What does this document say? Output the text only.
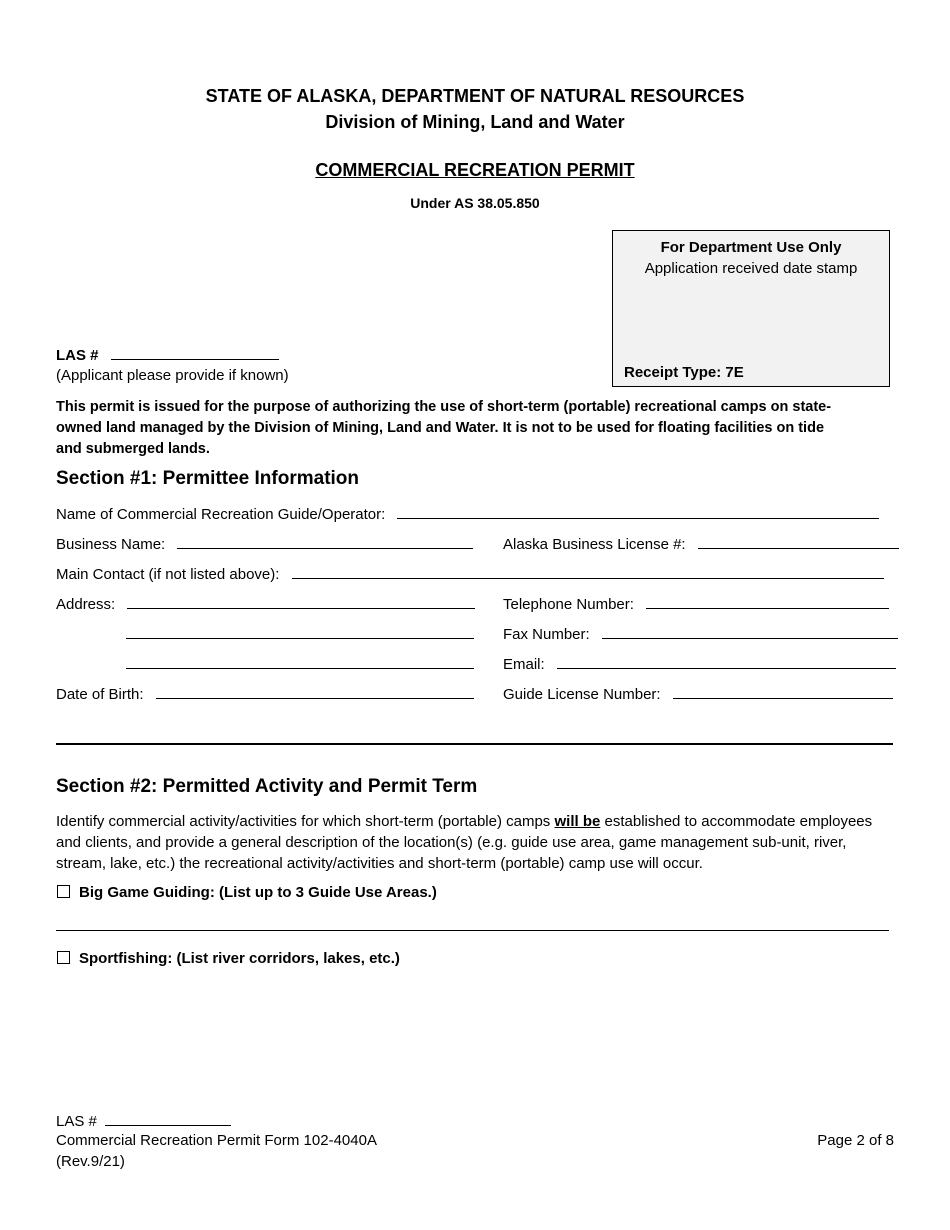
STATE OF ALASKA, DEPARTMENT OF NATURAL RESOURCES
Division of Mining, Land and Water
COMMERCIAL RECREATION PERMIT
Under AS 38.05.850
For Department Use Only
Application received date stamp
Receipt Type: 7E
LAS #
(Applicant please provide if known)
This permit is issued for the purpose of authorizing the use of short-term (portable) recreational camps on state-owned land managed by the Division of Mining, Land and Water. It is not to be used for floating facilities on tide and submerged lands.
Section #1: Permittee Information
Name of Commercial Recreation Guide/Operator:
Business Name:	Alaska Business License #:
Main Contact (if not listed above):
Address:	Telephone Number:
Fax Number:
Email:
Date of Birth:	Guide License Number:
Section #2: Permitted Activity and Permit Term
Identify commercial activity/activities for which short-term (portable) camps will be established to accommodate employees and clients, and provide a general description of the location(s) (e.g. guide use area, game management sub-unit, river, stream, lake, etc.) the recreational activity/activities and short-term (portable) camp use will occur.
Big Game Guiding: (List up to 3 Guide Use Areas.)
Sportfishing: (List river corridors, lakes, etc.)
LAS #
Commercial Recreation Permit Form 102-4040A
(Rev.9/21)
Page 2 of 8
